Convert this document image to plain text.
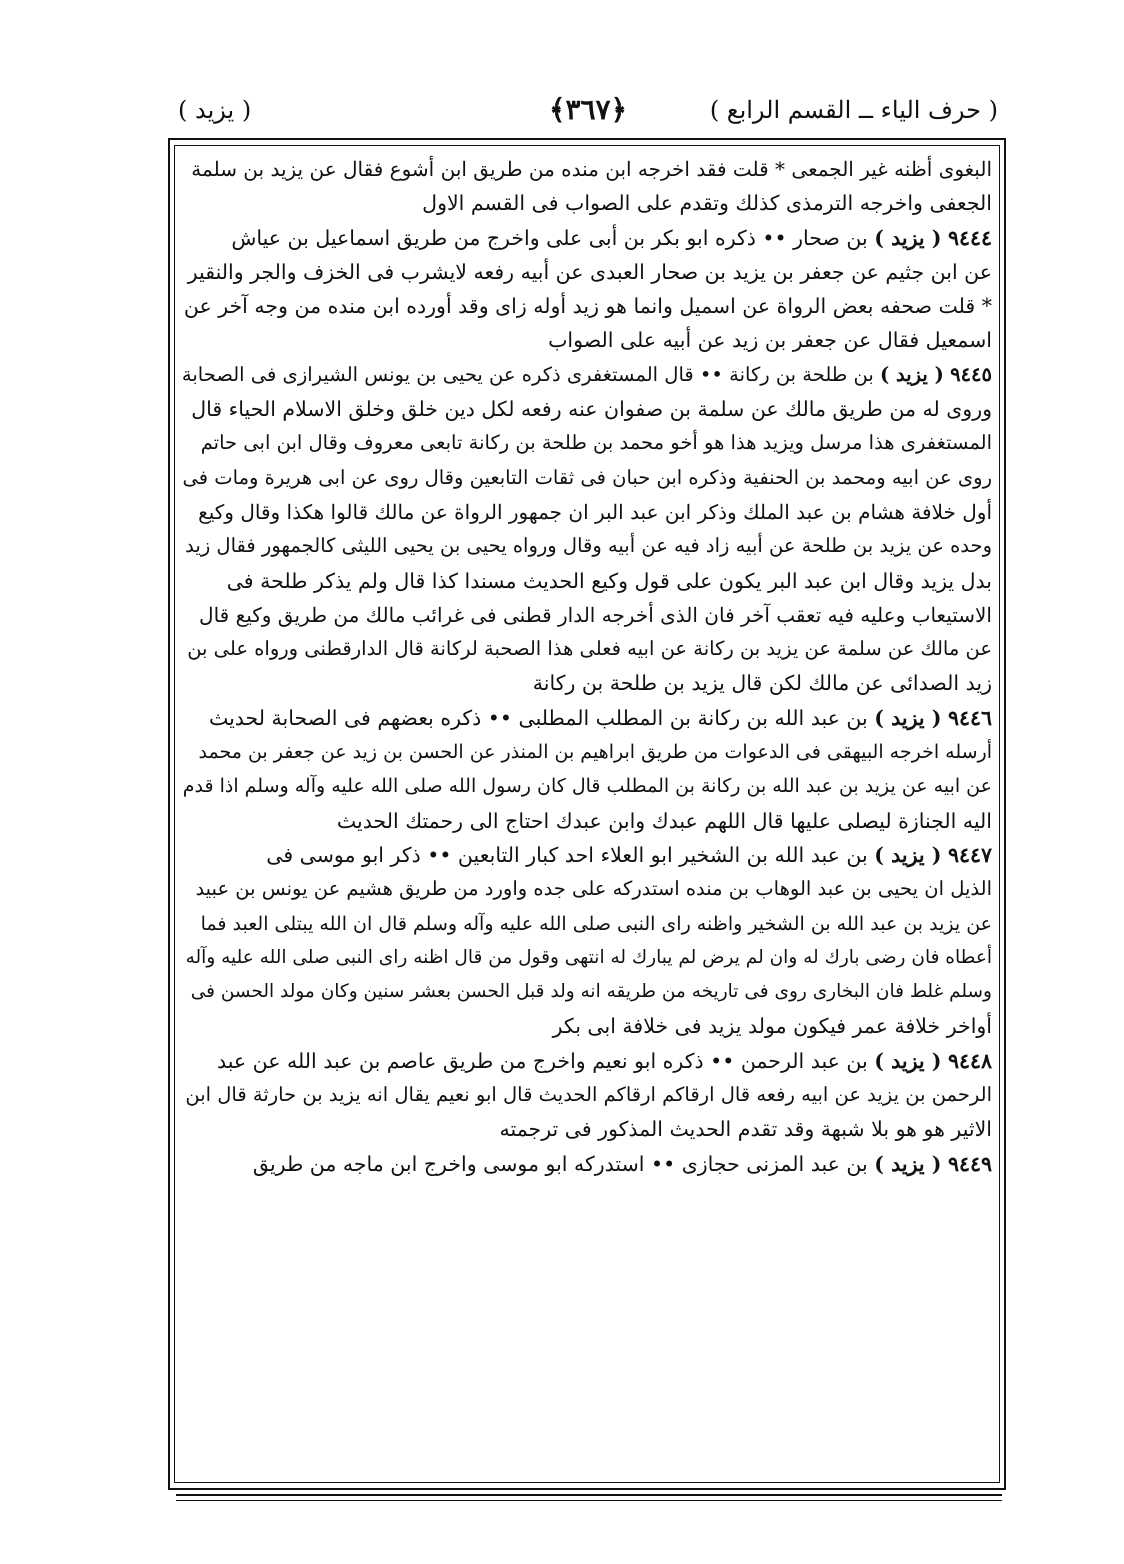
( حرف الياء ــ القسم الرابع )
﴿٣٦٧﴾
( يزيد )
البغوى أظنه غير الجمعى * قلت فقد اخرجه ابن منده من طريق ابن أشوع فقال عن يزيد بن سلمة
الجعفى واخرجه الترمذى كذلك وتقدم على الصواب فى القسم الاول
٩٤٤٤ ( يزيد ) بن صحار •• ذكره ابو بكر بن أبى على واخرج من طريق اسماعيل بن عياش
عن ابن جثيم عن جعفر بن يزيد بن صحار العبدى عن أبيه رفعه لايشرب فى الخزف والجر والنقير
* قلت صحفه بعض الرواة عن اسميل وانما هو زيد أوله زاى وقد أورده ابن منده من وجه آخر عن
اسمعيل فقال عن جعفر بن زيد عن أبيه على الصواب
٩٤٤٥ ( يزيد ) بن طلحة بن ركانة •• قال المستغفرى ذكره عن يحيى بن يونس الشيرازى فى الصحابة
وروى له من طريق مالك عن سلمة بن صفوان عنه رفعه لكل دين خلق وخلق الاسلام الحياء قال
المستغفرى هذا مرسل ويزيد هذا هو أخو محمد بن طلحة بن ركانة تابعى معروف وقال ابن ابى حاتم
روى عن ابيه ومحمد بن الحنفية وذكره ابن حبان فى ثقات التابعين وقال روى عن ابى هريرة ومات فى
أول خلافة هشام بن عبد الملك وذكر ابن عبد البر ان جمهور الرواة عن مالك قالوا هكذا وقال وكيع
وحده عن يزيد بن طلحة عن أبيه زاد فيه عن أبيه وقال ورواه يحيى بن يحيى الليثى كالجمهور فقال زيد
بدل يزيد وقال ابن عبد البر يكون على قول وكيع الحديث مسندا كذا قال ولم يذكر طلحة فى
الاستيعاب وعليه فيه تعقب آخر فان الذى أخرجه الدار قطنى فى غرائب مالك من طريق وكيع قال
عن مالك عن سلمة عن يزيد بن ركانة عن ابيه فعلى هذا الصحبة لركانة قال الدارقطنى ورواه على بن
زيد الصدائى عن مالك لكن قال يزيد بن طلحة بن ركانة
٩٤٤٦ ( يزيد ) بن عبد الله بن ركانة بن المطلب المطلبى •• ذكره بعضهم فى الصحابة لحديث
أرسله اخرجه البيهقى فى الدعوات من طريق ابراهيم بن المنذر عن الحسن بن زيد عن جعفر بن محمد
عن ابيه عن يزيد بن عبد الله بن ركانة بن المطلب قال كان رسول الله صلى الله عليه وآله وسلم اذا قدم
اليه الجنازة ليصلى عليها قال اللهم عبدك وابن عبدك احتاج الى رحمتك الحديث
٩٤٤٧ ( يزيد ) بن عبد الله بن الشخير ابو العلاء احد كبار التابعين •• ذكر ابو موسى فى
الذيل ان يحيى بن عبد الوهاب بن منده استدركه على جده واورد من طريق هشيم عن يونس بن عبيد
عن يزيد بن عبد الله بن الشخير واظنه راى النبى صلى الله عليه وآله وسلم قال ان الله يبتلى العبد فما
أعطاه فان رضى بارك له وان لم يرض لم يبارك له انتهى وقول من قال اظنه راى النبى صلى الله عليه وآله
وسلم غلط فان البخارى روى فى تاريخه من طريقه انه ولد قبل الحسن بعشر سنين وكان مولد الحسن فى
أواخر خلافة عمر فيكون مولد يزيد فى خلافة ابى بكر
٩٤٤٨ ( يزيد ) بن عبد الرحمن •• ذكره ابو نعيم واخرج من طريق عاصم بن عبد الله عن عبد
الرحمن بن يزيد عن ابيه رفعه قال ارقاكم ارقاكم الحديث قال ابو نعيم يقال انه يزيد بن حارثة قال ابن
الاثير هو هو بلا شبهة وقد تقدم الحديث المذكور فى ترجمته
٩٤٤٩ ( يزيد ) بن عبد المزنى حجازى •• استدركه ابو موسى واخرج ابن ماجه من طريق
